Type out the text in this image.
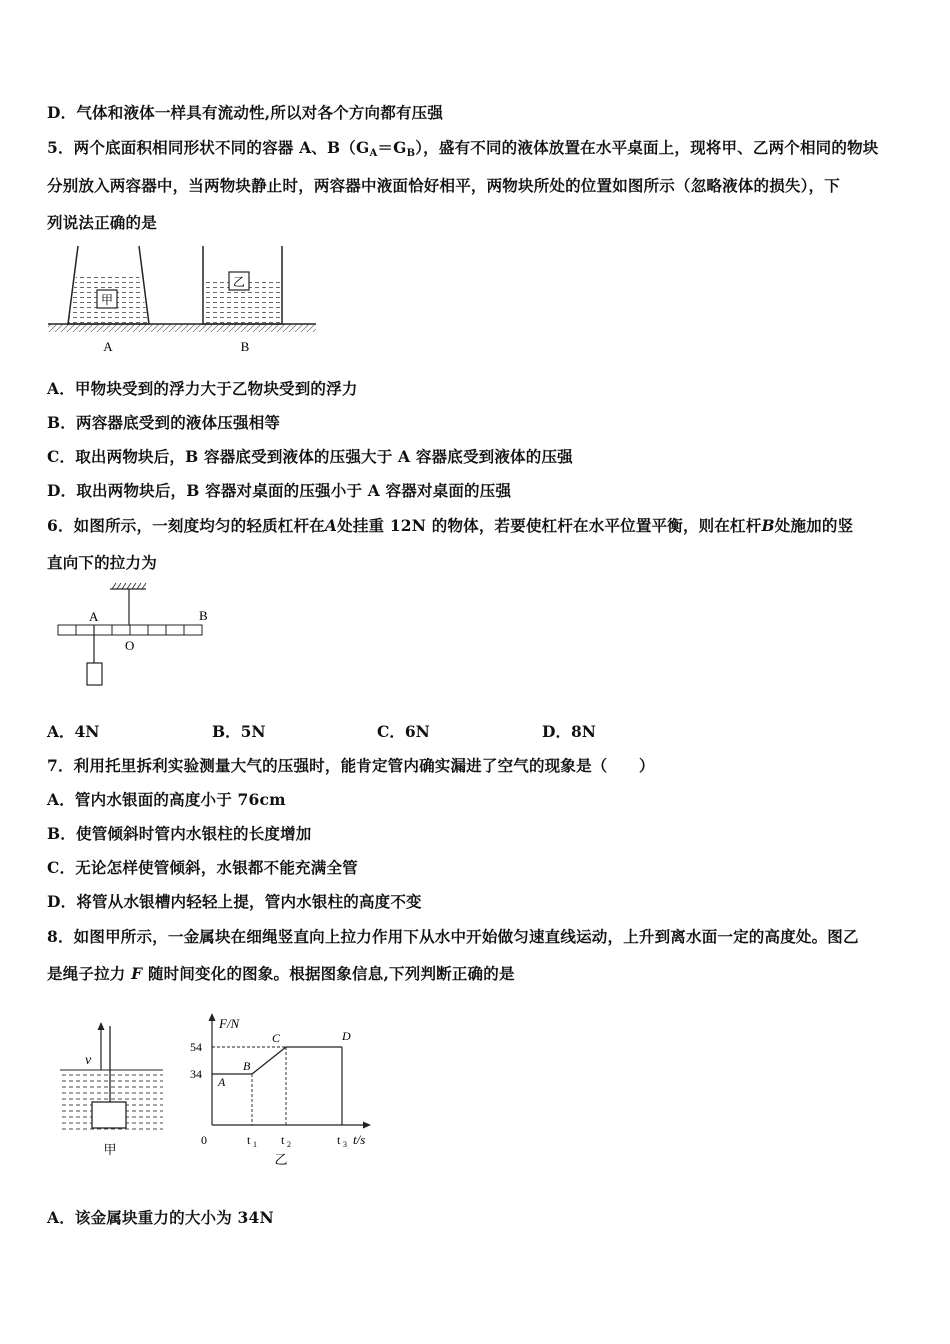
D．气体和液体一样具有流动性,所以对各个方向都有压强
5．两个底面积相同形状不同的容器 A、$B(G_A=G_B)$，盛有不同的液体放置在水平桌面上，现将甲、乙两个相同的物块
分别放入两容器中，当两物块静止时，两容器中液面恰好相平，两物块所处的位置如图所示（忽略液体的损失），下
列说法正确的是
甲
A
乙
B
A．甲物块受到的浮力大于乙物块受到的浮力
B．两容器底受到的液体压强相等
C．取出两物块后，B 容器底受到液体的压强大于 A 容器底受到液体的压强
D．取出两物块后，B 容器对桌面的压强小于 A 容器对桌面的压强
6．如图所示，一刻度均匀的轻质杠杆在A处挂重 12N 的物体，若要使杠杆在水平位置平衡，则在杠杆B处施加的竖
直向下的拉力为
A
O
B
A．4N	B．5N	C．6N	D．8N
7．利用托里拆利实验测量大气的压强时，能肯定管内确实漏进了空气的现象是（　　）
A．管内水银面的高度小于 76cm
B．使管倾斜时管内水银柱的长度增加
C．无论怎样使管倾斜，水银都不能充满全管
D．将管从水银槽内轻轻上提，管内水银柱的高度不变
8．如图甲所示，一金属块在细绳竖直向上拉力作用下从水中开始做匀速直线运动，上升到离水面一定的高度处。图乙
是绳子拉力 F 随时间变化的图象。根据图象信息,下列判断正确的是
v
甲
F/N
t/s
0
34
54
A
B
C	D
t 1 t 2	t 3
乙
A．该金属块重力的大小为 34N
